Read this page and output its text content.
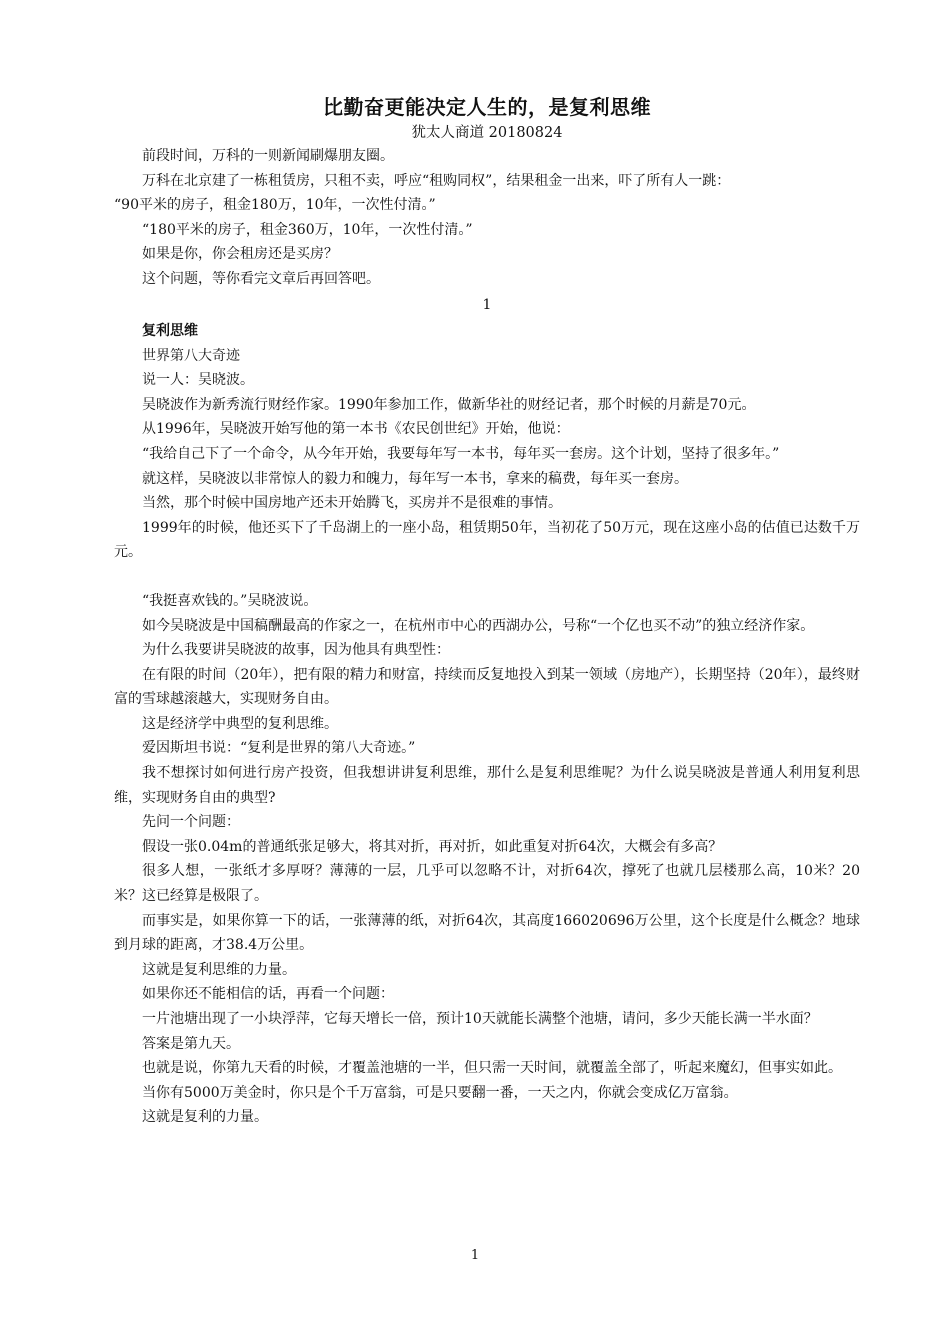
比勤奋更能决定人生的，是复利思维

犹太人商道 20180824

前段时间，万科的一则新闻刷爆朋友圈。

万科在北京建了一栋租赁房，只租不卖，呼应“租购同权”，结果租金一出来，吓了所有人一跳：

“90平米的房子，租金180万，10年，一次性付清。”

“180平米的房子，租金360万，10年，一次性付清。”

如果是你，你会租房还是买房？

这个问题，等你看完文章后再回答吧。

1

复利思维

世界第八大奇迹

说一人：吴晓波。

吴晓波作为新秀流行财经作家。1990年参加工作，做新华社的财经记者，那个时候的月薪是70元。

从1996年，吴晓波开始写他的第一本书《农民创世纪》开始，他说：

“我给自己下了一个命令，从今年开始，我要每年写一本书，每年买一套房。这个计划，坚持了很多年。”

就这样，吴晓波以非常惊人的毅力和魄力，每年写一本书，拿来的稿费，每年买一套房。

当然，那个时候中国房地产还未开始腾飞，买房并不是很难的事情。

1999年的时候，他还买下了千岛湖上的一座小岛，租赁期50年，当初花了50万元，现在这座小岛的估值已达数千万元。

“我挺喜欢钱的。”吴晓波说。

如今吴晓波是中国稿酬最高的作家之一，在杭州市中心的西湖办公，号称“一个亿也买不动”的独立经济作家。

为什么我要讲吴晓波的故事，因为他具有典型性：

在有限的时间（20年），把有限的精力和财富，持续而反复地投入到某一领域（房地产），长期坚持（20年），最终财富的雪球越滚越大，实现财务自由。

这是经济学中典型的复利思维。

爱因斯坦书说：“复利是世界的第八大奇迹。”

我不想探讨如何进行房产投资，但我想讲讲复利思维，那什么是复利思维呢？为什么说吴晓波是普通人利用复利思维，实现财务自由的典型?

先问一个问题：

假设一张0.04m的普通纸张足够大，将其对折，再对折，如此重复对折64次，大概会有多高？

很多人想，一张纸才多厚呀？薄薄的一层，几乎可以忽略不计，对折64次，撑死了也就几层楼那么高，10米？20米？这已经算是极限了。

而事实是，如果你算一下的话，一张薄薄的纸，对折64次，其高度166020696万公里，这个长度是什么概念？地球到月球的距离，才38.4万公里。

这就是复利思维的力量。

如果你还不能相信的话，再看一个问题：

一片池塘出现了一小块浮萍，它每天增长一倍，预计10天就能长满整个池塘，请问，多少天能长满一半水面？

答案是第九天。

也就是说，你第九天看的时候，才覆盖池塘的一半，但只需一天时间，就覆盖全部了，听起来魔幻，但事实如此。

当你有5000万美金时，你只是个千万富翁，可是只要翻一番，一天之内，你就会变成亿万富翁。

这就是复利的力量。

1
